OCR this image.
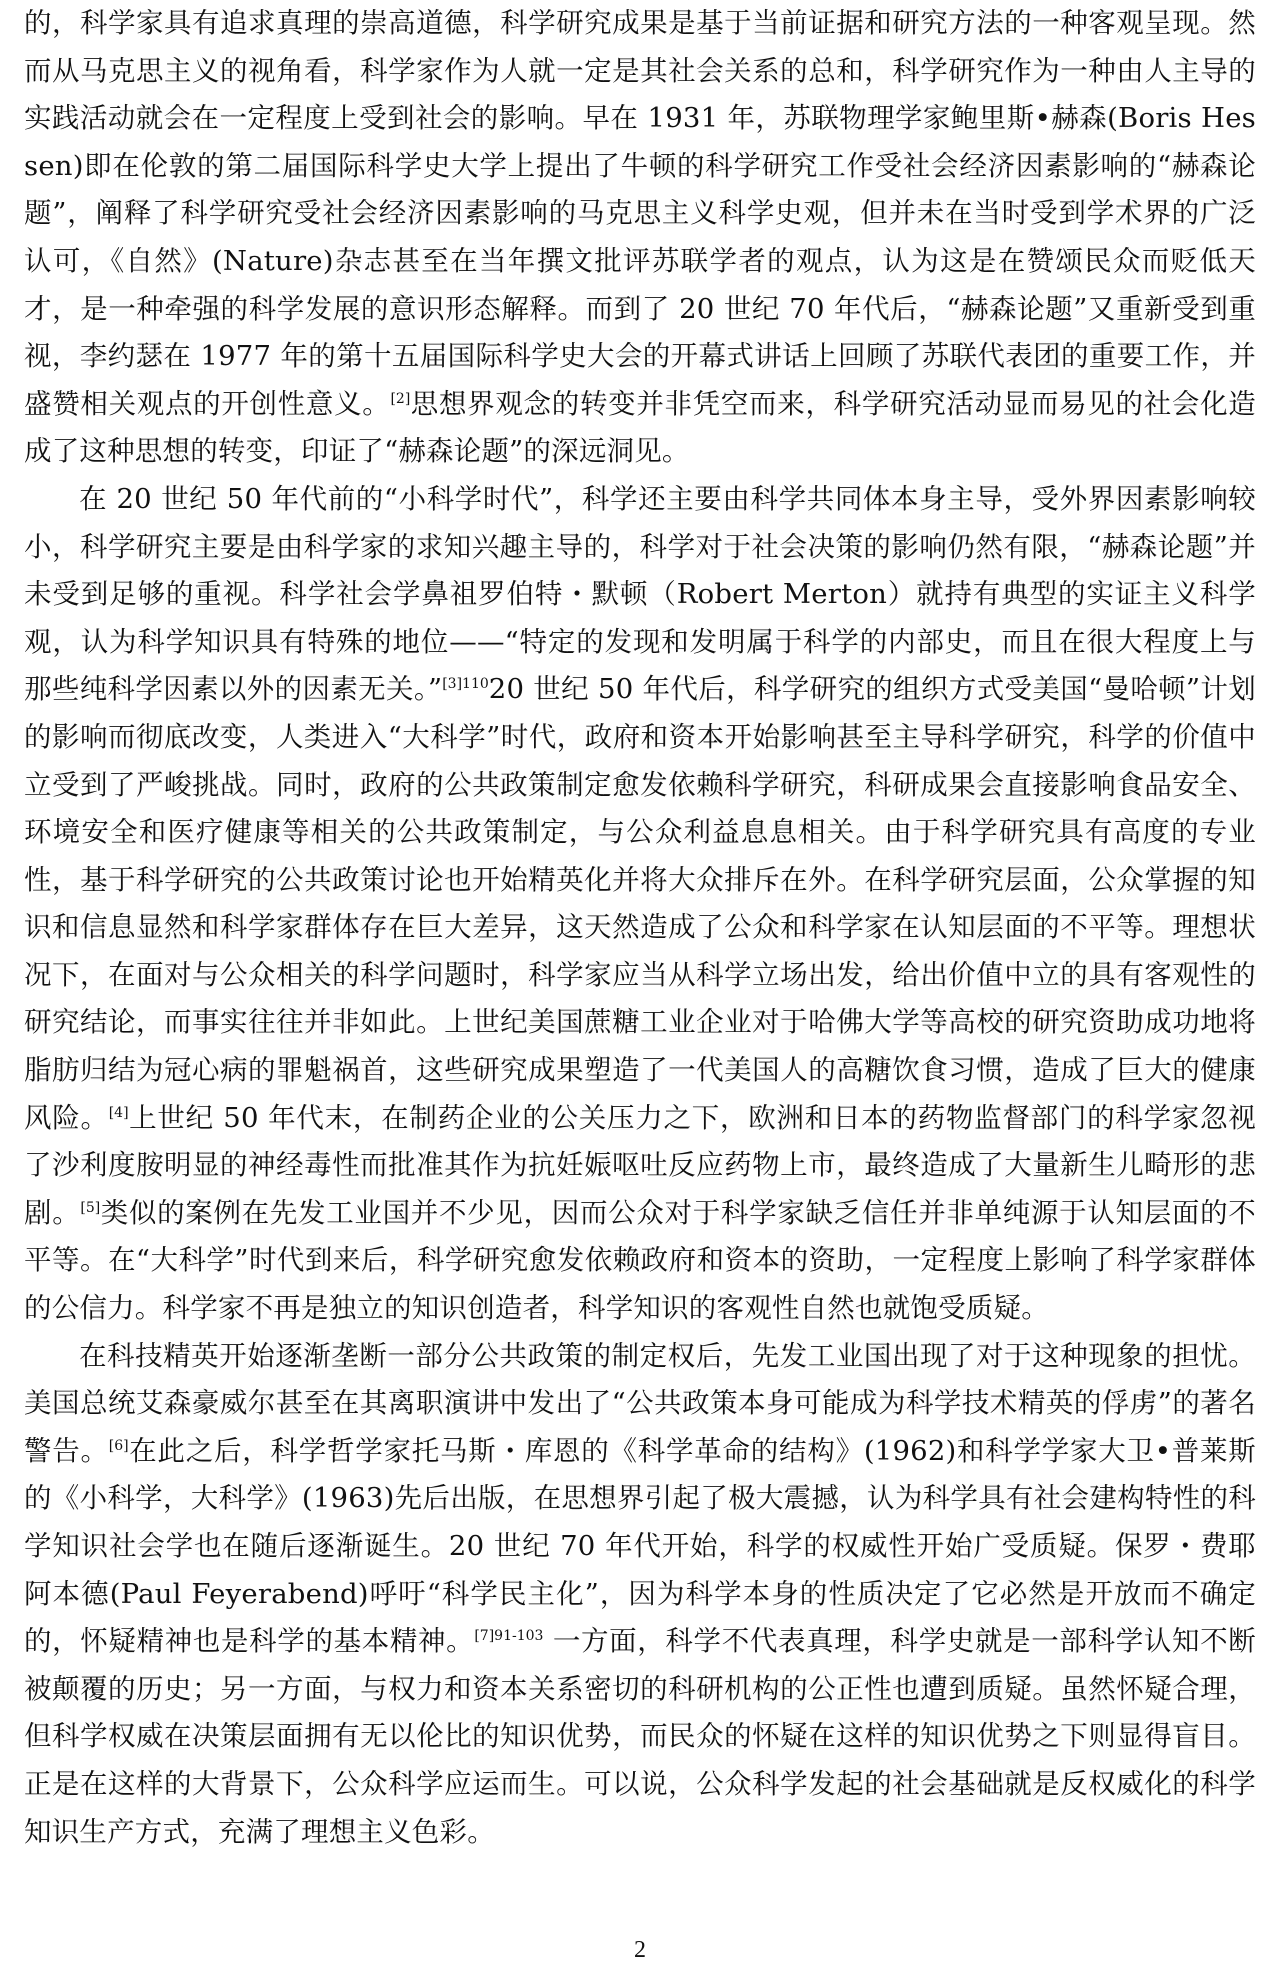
的，科学家具有追求真理的崇高道德，科学研究成果是基于当前证据和研究方法的一种客观呈现。然而从马克思主义的视角看，科学家作为人就一定是其社会关系的总和，科学研究作为一种由人主导的实践活动就会在一定程度上受到社会的影响。早在 1931 年，苏联物理学家鲍里斯•赫森(Boris Hessen)即在伦敦的第二届国际科学史大学上提出了牛顿的科学研究工作受社会经济因素影响的“赫森论题”，阐释了科学研究受社会经济因素影响的马克思主义科学史观，但并未在当时受到学术界的广泛认可，《自然》(Nature)杂志甚至在当年撰文批评苏联学者的观点，认为这是在赞颂民众而贬低天才，是一种牵强的科学发展的意识形态解释。而到了 20 世纪 70 年代后，“赫森论题”又重新受到重视，李约瑟在 1977 年的第十五届国际科学史大会的开幕式讲话上回顾了苏联代表团的重要工作，并盛赞相关观点的开创性意义。[2]思想界观念的转变并非凭空而来，科学研究活动显而易见的社会化造成了这种思想的转变，印证了“赫森论题”的深远洞见。

在 20 世纪 50 年代前的“小科学时代”，科学还主要由科学共同体本身主导，受外界因素影响较小，科学研究主要是由科学家的求知兴趣主导的，科学对于社会决策的影响仍然有限，“赫森论题”并未受到足够的重视。科学社会学鼻祖罗伯特・默顿（Robert Merton）就持有典型的实证主义科学观，认为科学知识具有特殊的地位——“特定的发现和发明属于科学的内部史，而且在很大程度上与那些纯科学因素以外的因素无关。”$^{[3]110}$20 世纪 50 年代后，科学研究的组织方式受美国“曼哈顿”计划的影响而彻底改变，人类进入“大科学”时代，政府和资本开始影响甚至主导科学研究，科学的价值中立受到了严峻挑战。同时，政府的公共政策制定愈发依赖科学研究，科研成果会直接影响食品安全、环境安全和医疗健康等相关的公共政策制定，与公众利益息息相关。由于科学研究具有高度的专业性，基于科学研究的公共政策讨论也开始精英化并将大众排斥在外。在科学研究层面，公众掌握的知识和信息显然和科学家群体存在巨大差异，这天然造成了公众和科学家在认知层面的不平等。理想状况下，在面对与公众相关的科学问题时，科学家应当从科学立场出发，给出价值中立的具有客观性的研究结论，而事实往往并非如此。上世纪美国蔗糖工业企业对于哈佛大学等高校的研究资助成功地将脂肪归结为冠心病的罪魁祸首，这些研究成果塑造了一代美国人的高糖饮食习惯，造成了巨大的健康风险。[4]上世纪 50 年代末，在制药企业的公关压力之下，欧洲和日本的药物监督部门的科学家忽视了沙利度胺明显的神经毒性而批准其作为抗妊娠呕吐反应药物上市，最终造成了大量新生儿畸形的悲剧。[5]类似的案例在先发工业国并不少见，因而公众对于科学家缺乏信任并非单纯源于认知层面的不平等。在“大科学”时代到来后，科学研究愈发依赖政府和资本的资助，一定程度上影响了科学家群体的公信力。科学家不再是独立的知识创造者，科学知识的客观性自然也就饱受质疑。

在科技精英开始逐渐垄断一部分公共政策的制定权后，先发工业国出现了对于这种现象的担忧。美国总统艾森豪威尔甚至在其离职演讲中发出了“公共政策本身可能成为科学技术精英的俘虏”的著名警告。[6]在此之后，科学哲学家托马斯・库恩的《科学革命的结构》(1962)和科学学家大卫•普莱斯的《小科学，大科学》(1963)先后出版，在思想界引起了极大震撼，认为科学具有社会建构特性的科学知识社会学也在随后逐渐诞生。20 世纪 70 年代开始，科学的权威性开始广受质疑。保罗・费耶阿本德(Paul Feyerabend)呼吁“科学民主化”，因为科学本身的性质决定了它必然是开放而不确定的，怀疑精神也是科学的基本精神。$^{[7]91-103}$ 一方面，科学不代表真理，科学史就是一部科学认知不断被颠覆的历史；另一方面，与权力和资本关系密切的科研机构的公正性也遭到质疑。虽然怀疑合理，但科学权威在决策层面拥有无以伦比的知识优势，而民众的怀疑在这样的知识优势之下则显得盲目。正是在这样的大背景下，公众科学应运而生。可以说，公众科学发起的社会基础就是反权威化的科学知识生产方式，充满了理想主义色彩。

2
